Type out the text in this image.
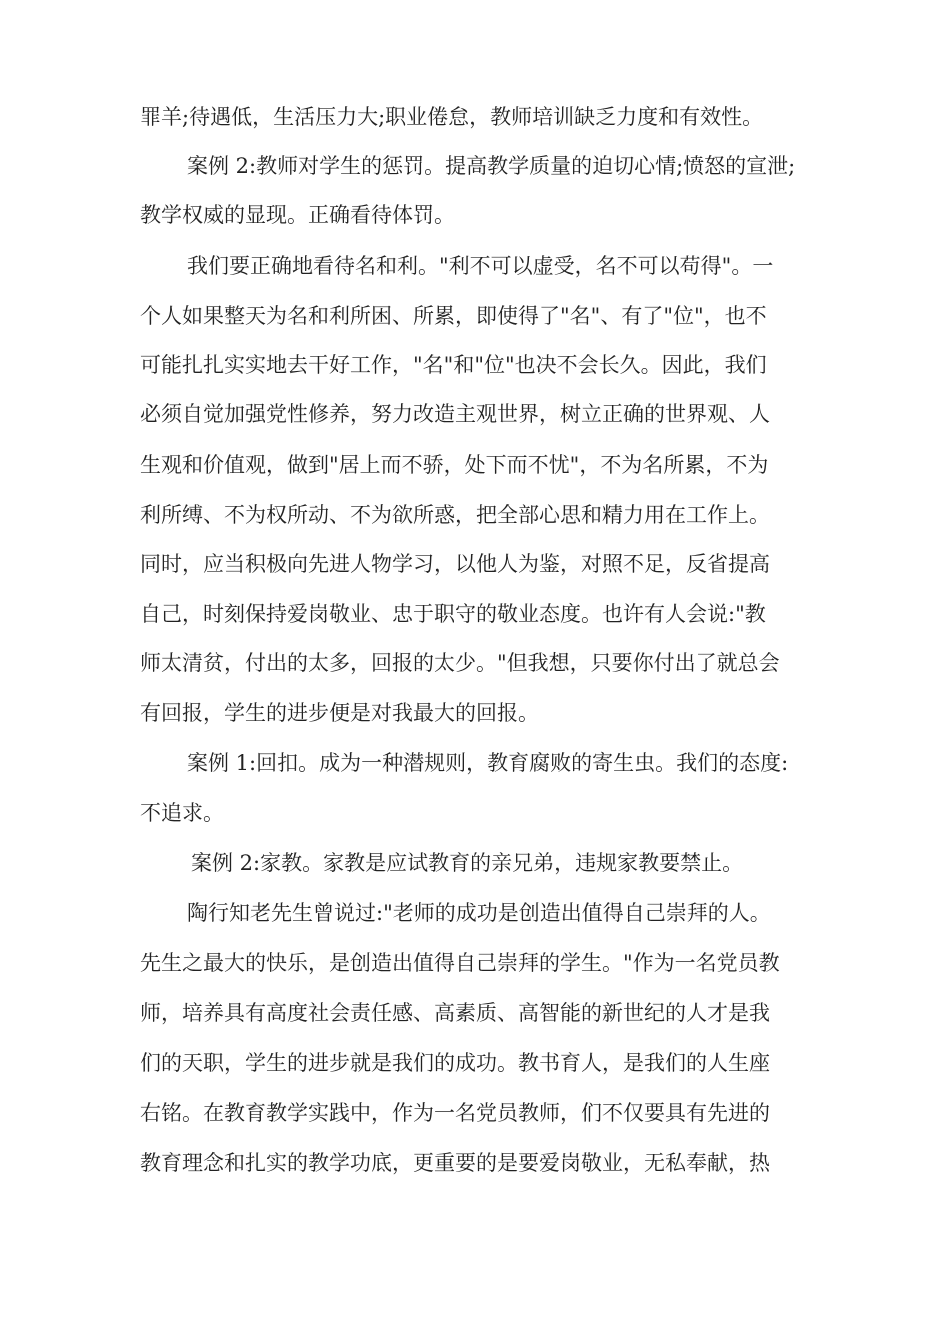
罪羊;待遇低，生活压力大;职业倦怠，教师培训缺乏力度和有效性。
案例 2:教师对学生的惩罚。提高教学质量的迫切心情;愤怒的宣泄;
教学权威的显现。正确看待体罚。
我们要正确地看待名和利。"利不可以虚受，名不可以苟得"。一
个人如果整天为名和利所困、所累，即使得了"名"、有了"位"，也不
可能扎扎实实地去干好工作，"名"和"位"也决不会长久。因此，我们
必须自觉加强党性修养，努力改造主观世界，树立正确的世界观、人
生观和价值观，做到"居上而不骄，处下而不忧"，不为名所累，不为
利所缚、不为权所动、不为欲所惑，把全部心思和精力用在工作上。
同时，应当积极向先进人物学习，以他人为鉴，对照不足，反省提高
自己，时刻保持爱岗敬业、忠于职守的敬业态度。也许有人会说:"教
师太清贫，付出的太多，回报的太少。"但我想，只要你付出了就总会
有回报，学生的进步便是对我最大的回报。
案例 1:回扣。成为一种潜规则，教育腐败的寄生虫。我们的态度:
不追求。
案例 2:家教。家教是应试教育的亲兄弟，违规家教要禁止。
陶行知老先生曾说过:"老师的成功是创造出值得自己崇拜的人。
先生之最大的快乐，是创造出值得自己崇拜的学生。"作为一名党员教
师，培养具有高度社会责任感、高素质、高智能的新世纪的人才是我
们的天职，学生的进步就是我们的成功。教书育人，是我们的人生座
右铭。在教育教学实践中，作为一名党员教师，们不仅要具有先进的
教育理念和扎实的教学功底，更重要的是要爱岗敬业，无私奉献，热
